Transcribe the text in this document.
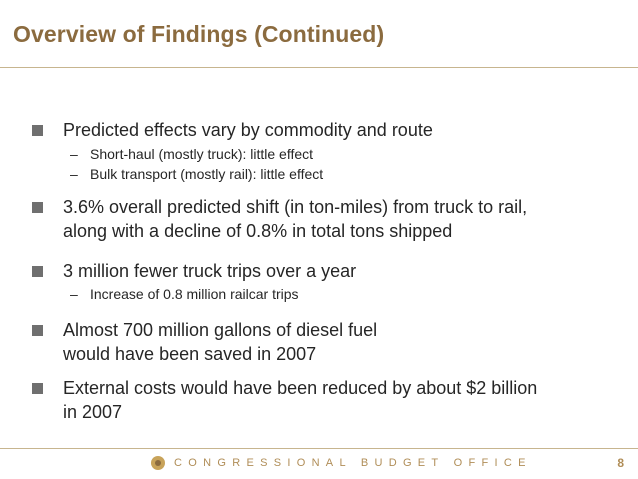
Overview of Findings (Continued)
Predicted effects vary by commodity and route
– Short-haul (mostly truck): little effect
– Bulk transport (mostly rail): little effect
3.6% overall predicted shift (in ton-miles) from truck to rail,
along with a decline of 0.8% in total tons shipped
3 million fewer truck trips over a year
– Increase of 0.8 million railcar trips
Almost 700 million gallons of diesel fuel
would have been saved in 2007
External costs would have been reduced by about $2 billion
in 2007
CONGRESSIONAL BUDGET OFFICE	8
